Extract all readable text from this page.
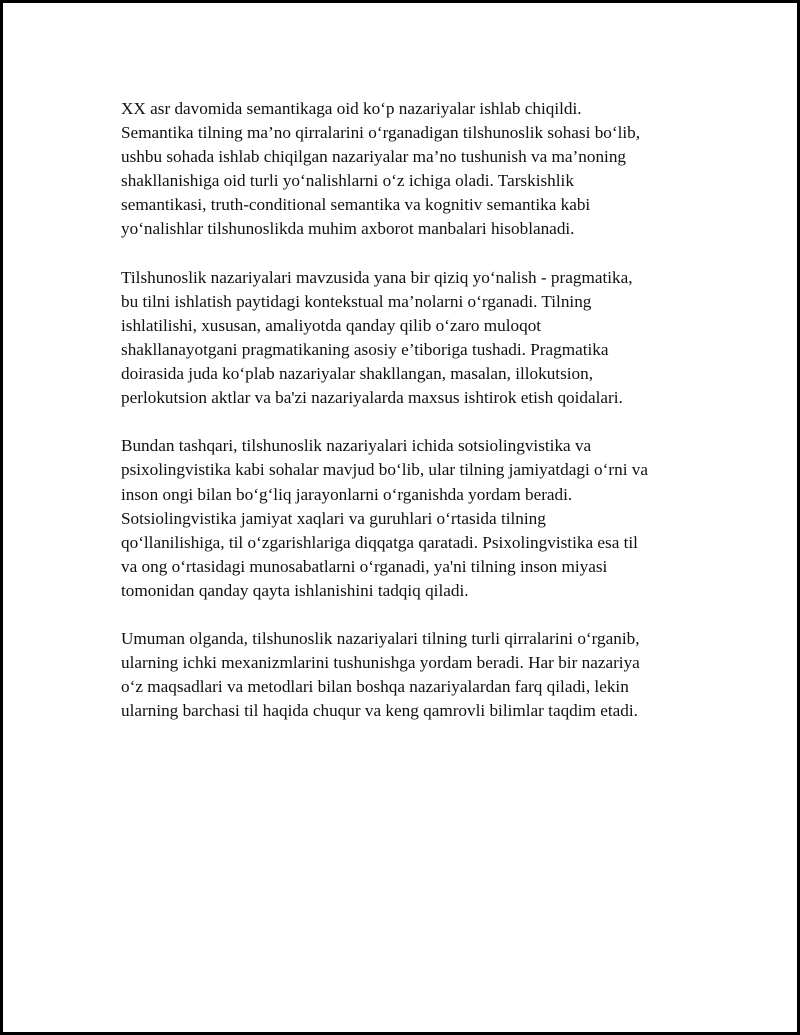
XX asr davomida semantikaga oid ko‘p nazariyalar ishlab chiqildi.
Semantika tilning ma’no qirralarini o‘rganadigan tilshunoslik sohasi bo‘lib,
ushbu sohada ishlab chiqilgan nazariyalar ma’no tushunish va ma’noning
shakllanishiga oid turli yo‘nalishlarni o‘z ichiga oladi. Tarskishlik
semantikasi, truth-conditional semantika va kognitiv semantika kabi
yo‘nalishlar tilshunoslikda muhim axborot manbalari hisoblanadi.

Tilshunoslik nazariyalari mavzusida yana bir qiziq yo‘nalish - pragmatika,
bu tilni ishlatish paytidagi kontekstual ma’nolarni o‘rganadi. Tilning
ishlatilishi, xususan, amaliyotda qanday qilib o‘zaro muloqot
shakllanayotgani pragmatikaning asosiy e’tiboriga tushadi. Pragmatika
doirasida juda ko‘plab nazariyalar shakllangan, masalan, illokutsion,
perlokutsion aktlar va ba'zi nazariyalarda maxsus ishtirok etish qoidalari.

Bundan tashqari, tilshunoslik nazariyalari ichida sotsiolingvistika va
psixolingvistika kabi sohalar mavjud bo‘lib, ular tilning jamiyatdagi o‘rni va
inson ongi bilan bo‘g‘liq jarayonlarni o‘rganishda yordam beradi.
Sotsiolingvistika jamiyat xaqlari va guruhlari o‘rtasida tilning
qo‘llanilishiga, til o‘zgarishlariga diqqatga qaratadi. Psixolingvistika esa til
va ong o‘rtasidagi munosabatlarni o‘rganadi, ya'ni tilning inson miyasi
tomonidan qanday qayta ishlanishini tadqiq qiladi.

Umuman olganda, tilshunoslik nazariyalari tilning turli qirralarini o‘rganib,
ularning ichki mexanizmlarini tushunishga yordam beradi. Har bir nazariya
o‘z maqsadlari va metodlari bilan boshqa nazariyalardan farq qiladi, lekin
ularning barchasi til haqida chuqur va keng qamrovli bilimlar taqdim etadi.
